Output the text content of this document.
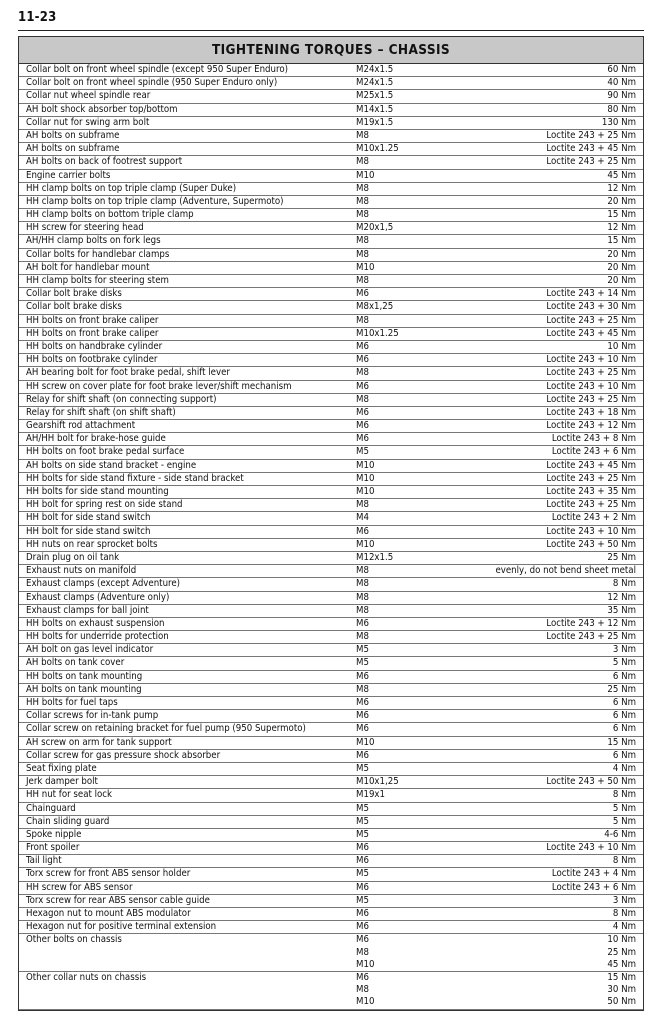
11-23
TIGHTENING TORQUES – CHASSIS
Collar bolt on front wheel spindle (except 950 Super Enduro)	M24x1.5	60 Nm
Collar bolt on front wheel spindle (950 Super Enduro only)	M24x1.5	40 Nm
Collar nut wheel spindle rear	M25x1.5	90 Nm
AH bolt shock absorber top/bottom	M14x1.5	80 Nm
Collar nut for swing arm bolt	M19x1.5	130 Nm
AH bolts on subframe	M8	Loctite 243 + 25 Nm
AH bolts on subframe	M10x1.25	Loctite 243 + 45 Nm
AH bolts on back of footrest support	M8	Loctite 243 + 25 Nm
Engine carrier bolts	M10	45 Nm
HH clamp bolts on top triple clamp (Super Duke)	M8	12 Nm
HH clamp bolts on top triple clamp (Adventure, Supermoto)	M8	20 Nm
HH clamp bolts on bottom triple clamp	M8	15 Nm
HH screw for steering head	M20x1,5	12 Nm
AH/HH clamp bolts on fork legs	M8	15 Nm
Collar bolts for handlebar clamps	M8	20 Nm
AH bolt for handlebar mount	M10	20 Nm
HH clamp bolts for steering stem	M8	20 Nm
Collar bolt brake disks	M6	Loctite 243 + 14 Nm
Collar bolt brake disks	M8x1,25	Loctite 243 + 30 Nm
HH bolts on front brake caliper	M8	Loctite 243 + 25 Nm
HH bolts on front brake caliper	M10x1.25	Loctite 243 + 45 Nm
HH bolts on handbrake cylinder	M6	10 Nm
HH bolts on footbrake cylinder	M6	Loctite 243 + 10 Nm
AH bearing bolt for foot brake pedal, shift lever	M8	Loctite 243 + 25 Nm
HH screw on cover plate for foot brake lever/shift mechanism	M6	Loctite 243 + 10 Nm
Relay for shift shaft (on connecting support)	M8	Loctite 243 + 25 Nm
Relay for shift shaft (on shift shaft)	M6	Loctite 243 + 18 Nm
Gearshift rod attachment	M6	Loctite 243 + 12 Nm
AH/HH bolt for brake-hose guide	M6	Loctite 243 + 8 Nm
HH bolts on foot brake pedal surface	M5	Loctite 243 + 6 Nm
AH bolts on side stand bracket - engine	M10	Loctite 243 + 45 Nm
HH bolts for side stand fixture - side stand bracket	M10	Loctite 243 + 25 Nm
HH bolts for side stand mounting	M10	Loctite 243 + 35 Nm
HH bolt for spring rest on side stand	M8	Loctite 243 + 25 Nm
HH bolt for side stand switch	M4	Loctite 243 + 2 Nm
HH bolt for side stand switch	M6	Loctite 243 + 10 Nm
HH nuts on rear sprocket bolts	M10	Loctite 243 + 50 Nm
Drain plug on oil tank	M12x1.5	25 Nm
Exhaust nuts on manifold	M8	evenly, do not bend sheet metal
Exhaust clamps (except Adventure)	M8	8 Nm
Exhaust clamps (Adventure only)	M8	12 Nm
Exhaust clamps for ball joint	M8	35 Nm
HH bolts on exhaust suspension	M6	Loctite 243 + 12 Nm
HH bolts for underride protection	M8	Loctite 243 + 25 Nm
AH bolt on gas level indicator	M5	3 Nm
AH bolts on tank cover	M5	5 Nm
HH bolts on tank mounting	M6	6 Nm
AH bolts on tank mounting	M8	25 Nm
HH bolts for fuel taps	M6	6 Nm
Collar screws for in-tank pump	M6	6 Nm
Collar screw on retaining bracket for fuel pump (950 Supermoto)	M6	6 Nm
AH screw on arm for tank support	M10	15 Nm
Collar screw for gas pressure shock absorber	M6	6 Nm
Seat fixing plate	M5	4 Nm
Jerk damper bolt	M10x1,25	Loctite 243 + 50 Nm
HH nut for seat lock	M19x1	8 Nm
Chainguard	M5	5 Nm
Chain sliding guard	M5	5 Nm
Spoke nipple	M5	4-6 Nm
Front spoiler	M6	Loctite 243 + 10 Nm
Tail light	M6	8 Nm
Torx screw for front ABS sensor holder	M5	Loctite 243 + 4 Nm
HH screw for ABS sensor	M6	Loctite 243 + 6 Nm
Torx screw for rear ABS sensor cable guide	M5	3 Nm
Hexagon nut to mount ABS modulator	M6	8 Nm
Hexagon nut for positive terminal extension	M6	4 Nm
Other bolts on chassis	M6	10 Nm
M8	25 Nm
M10	45 Nm
Other collar nuts on chassis	M6	15 Nm
M8	30 Nm
M10	50 Nm
